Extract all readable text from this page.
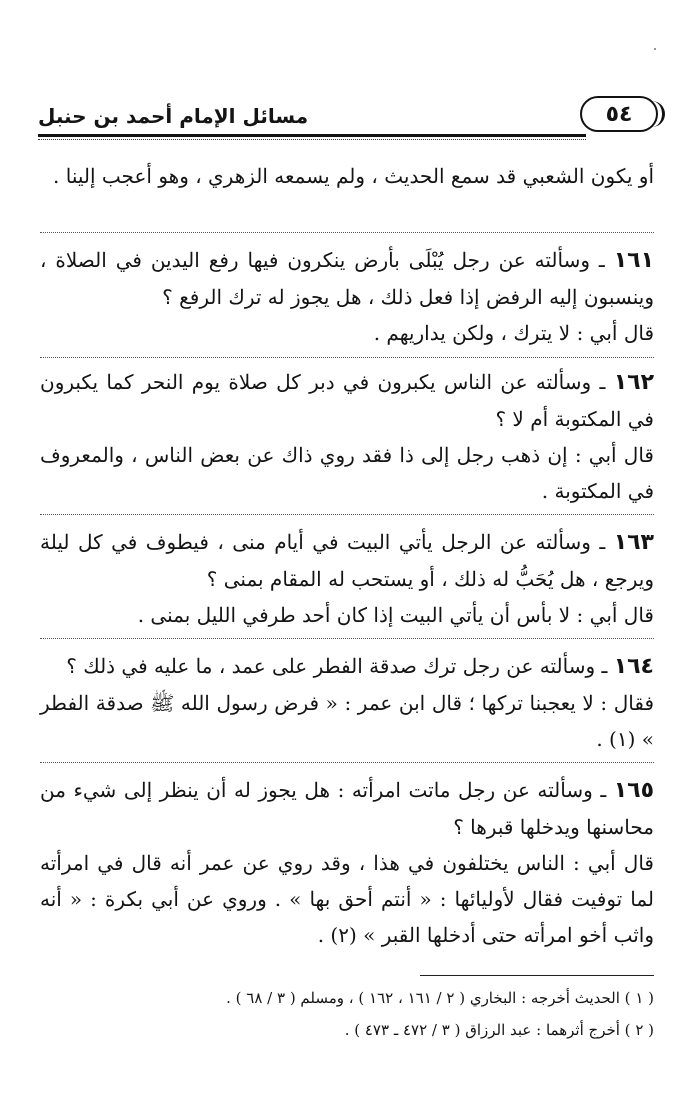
٥٤
مسائل الإمام أحمد بن حنبل

أو يكون الشعبي قد سمع الحديث ، ولم يسمعه الزهري ، وهو أعجب إلينا .

١٦١ ـ وسألته عن رجل يُبْلَى بأرض ينكرون فيها رفع اليدين في الصلاة ، وينسبون إليه الرفض إذا فعل ذلك ، هل يجوز له ترك الرفع ؟

قال أبي : لا يترك ، ولكن يداريهم .

١٦٢ ـ وسألته عن الناس يكبرون في دبر كل صلاة يوم النحر كما يكبرون في المكتوبة أم لا ؟

قال أبي : إن ذهب رجل إلى ذا فقد روي ذاك عن بعض الناس ، والمعروف في المكتوبة .

١٦٣ ـ وسألته عن الرجل يأتي البيت في أيام منى ، فيطوف في كل ليلة ويرجع ، هل يُحَبُّ له ذلك ، أو يستحب له المقام بمنى ؟

قال أبي : لا بأس أن يأتي البيت إذا كان أحد طرفي الليل بمنى .

١٦٤ ـ وسألته عن رجل ترك صدقة الفطر على عمد ، ما عليه في ذلك ؟

فقال : لا يعجبنا تركها ؛ قال ابن عمر : « فرض رسول الله ﷺ صدقة الفطر » (١) .

١٦٥ ـ وسألته عن رجل ماتت امرأته : هل يجوز له أن ينظر إلى شيء من محاسنها ويدخلها قبرها ؟

قال أبي : الناس يختلفون في هذا ، وقد روي عن عمر أنه قال في امرأته لما توفيت فقال لأوليائها : « أنتم أحق بها » . وروي عن أبي بكرة : « أنه واثب أخو امرأته حتى أدخلها القبر » (٢) .

( ١ ) الحديث أخرجه : البخاري ( ٢ / ١٦١ ، ١٦٢ ) ، ومسلم ( ٣ / ٦٨ ) .
( ٢ ) أخرج أثرهما : عبد الرزاق ( ٣ / ٤٧٢ ـ ٤٧٣ ) .
